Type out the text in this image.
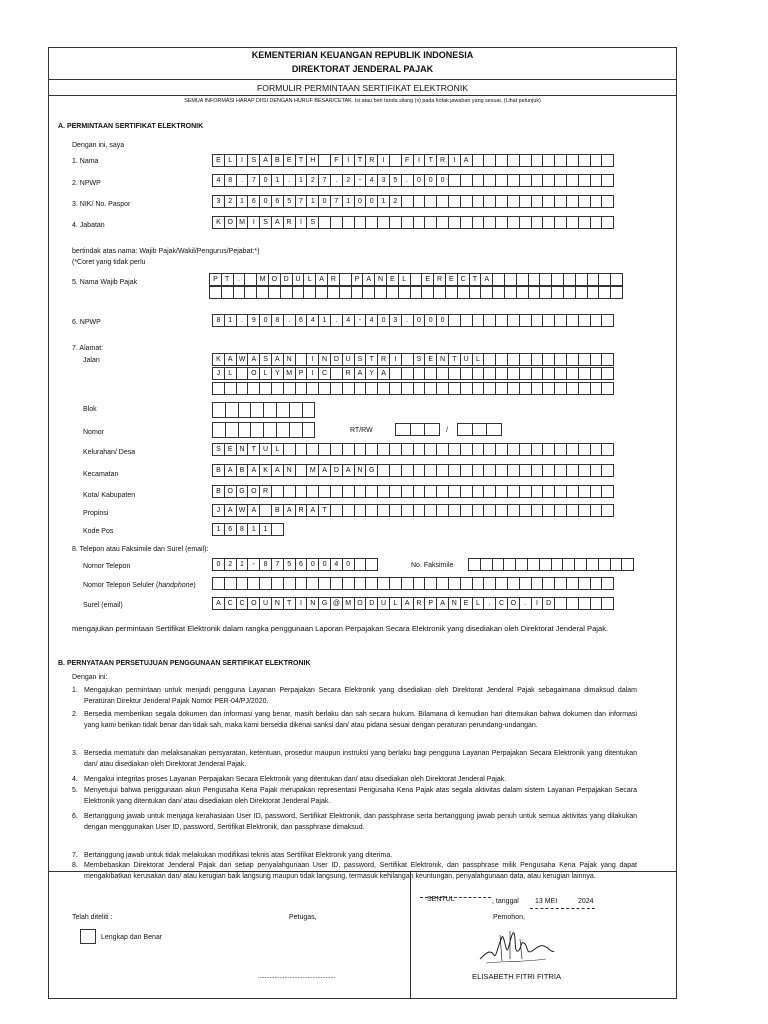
KEMENTERIAN KEUANGAN REPUBLIK INDONESIA
DIREKTORAT JENDERAL PAJAK
FORMULIR PERMINTAAN SERTIFIKAT ELEKTRONIK
SEMUA INFORMASI HARAP DIISI DENGAN HURUF BESAR/CETAK. Isi atau beri tanda silang (x) pada kotak jawaban yang sesuai. (Lihat petunjuk)
A. PERMINTAAN SERTIFIKAT ELEKTRONIK
Dengan ini, saya
1. Nama	E	L	I	S	A	B	E	T	H	F	I	T	R	I	F	I	T	R	I	A
2. NPWP	4	8	.	7	0	1	.	1	2	7	.	2	-	4	3	5	.	0	0	0
3. NIK/ No. Paspor	3	2	1	6	0	6	5	7	1	0	7	1	0	0	1	2
4. Jabatan	K O M	I	S	A R	I	S
bertindak atas nama: Wajib Pajak/Wakil/Pengurus/Pejabat:*)
(*Coret yang tidak perlu
5. Nama Wajib Pajak	P	T	.	M O D U	L	A R	P	A N E	L	E R E C	T	A
6. NPWP	8	1	.	9	0	8	.	6	4	1	.	4	-	4	0	3	.	0	0	0
7. Alamat:
Jalan	K	A W A	S	A N	I	N D U S	T	R	I	S	E N	T	U	L
J	L	O	L	Y M P	I	C	R A	Y	A
Blok
Nomor	RT/RW	/
Kelurahan/ Desa	S	E N	T	U	L
Kecamatan
B	A	B	A	K	A N	M A D A N G
Kota/ Kabupaten
B O G O R
Propinsi	J	A W A	B	A R A	T
Kode Pos	1	6	8	1	1
8. Telepon atau Faksimile dan Surel (email):
Nomor Telepon	0	2	1	-	8	7	5	6	0	0	4	0	No. Faksimile
Nomor Telepon Seluler (handphone)
Surel (email)	A C C O U N	T	I	N G @ M O D U	L	A R P	A N E	L	.	C O	.	I	D
mengajukan permintaan Sertifikat Elektronik dalam rangka penggunaan Laporan Perpajakan Secara Elektronik yang disediakan oleh Direktorat Jenderal Pajak.
B. PERNYATAAN PERSETUJUAN PENGGUNAAN SERTIFIKAT ELEKTRONIK
Dengan ini:
1. Mengajukan permintaan untuk menjadi pengguna Layanan Perpajakan Secara Elektronik yang disediakan oleh Direktorat Jenderal Pajak sebagaimana dimaksud dalam Peraturan Direktur Jenderal Pajak Nomor PER-04/PJ/2020.
2. Bersedia memberikan segala dokumen dan informasi yang benar, masih berlaku dan sah secara hukum. Bilamana di kemudian hari ditemukan bahwa dokumen dan informasi yang kami berikan tidak benar dan tidak sah, maka kami bersedia dikenai sanksi dan/ atau pidana sesuai dengan peraturan perundang-undangan.
3. Bersedia mematuhi dan melaksanakan persyaratan, ketentuan, prosedur maupun instruksi yang berlaku bagi pengguna Layanan Perpajakan Secara Elektronik yang ditentukan dan/ atau disediakan oleh Direktorat Jenderal Pajak.
4. Mengakui integritas proses Layanan Perpajakan Secara Elektronik yang ditentukan dan/ atau disediakan oleh Direktorat Jenderal Pajak.
5. Menyetujui bahwa penggunaan akun Pengusaha Kena Pajak merupakan representasi Pengusaha Kena Pajak atas segala aktivitas dalam sistem Layanan Perpajakan Secara Elektronik yang ditentukan dan/ atau disediakan oleh Direktorat Jenderal Pajak.
6. Bertanggung jawab untuk menjaga kerahasiaan User ID, password, Sertifikat Elektronik, dan passphrase serta bertanggung jawab penuh untuk semua aktivitas yang dilakukan dengan menggunakan User ID, password, Sertifikat Elektronik, dan passphrase dimaksud.
7. Bertanggung jawab untuk tidak melakukan modifikasi teknis atas Sertifikat Elektronik yang diterima.
8. Membebaskan Direktorat Jenderal Pajak dari setiap penyalahgunaan User ID, password, Sertifikat Elektronik, dan passphrase milik Pengusaha Kena Pajak yang dapat mengakibatkan kerusakan dan/ atau kerugian baik langsung maupun tidak langsung, termasuk kehilangan keuntungan, penyalahgunaan data, atau kerugian lainnya.
Telah diteliti :	Petugas,
Lengkap dan Benar
...............................................
SENTUL	, tanggal 13 MEI	2024
Pemohon,
ELISABETH FITRI FITRIA
